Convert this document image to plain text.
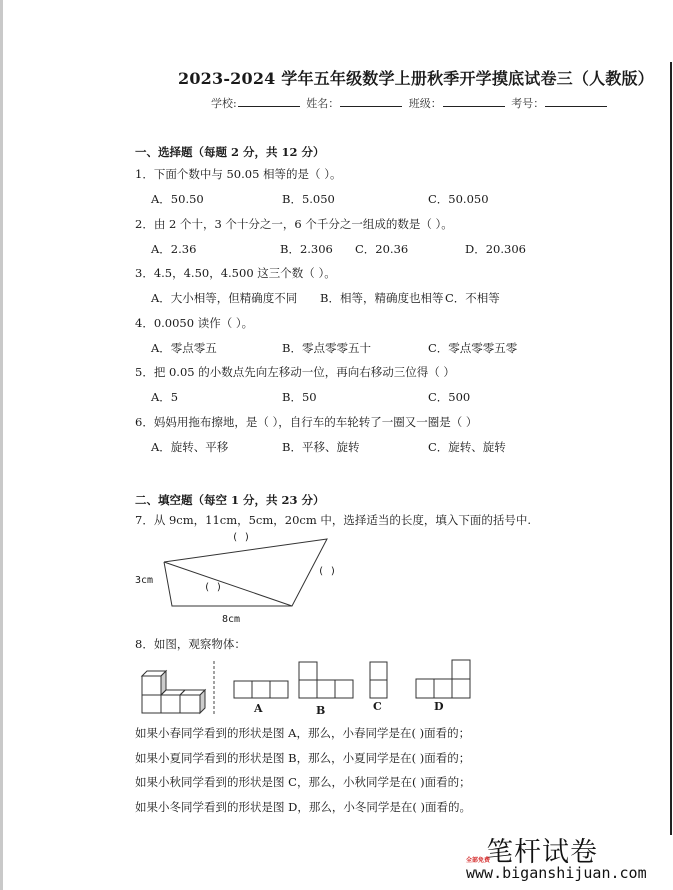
2023-2024 学年五年级数学上册秋季开学摸底试卷三（人教版）
学校:	姓名：	班级：	考号：
一、选择题（每题 2 分，共 12 分）
1．下面个数中与 50.05 相等的是（ ）。
A．50.50	B．5.050	C．50.050
2．由 2 个十，3 个十分之一，6 个千分之一组成的数是（ ）。
A．2.36	B．2.306 C．20.36	D．20.306
3．4.5，4.50，4.500 这三个数（ ）。
A．大小相等，但精确度不同 B．相等，精确度也相等 C．不相等
4．0.0050 读作（ ）。
A．零点零五	B．零点零零五十	C．零点零零五零
5．把 0.05 的小数点先向左移动一位，再向右移动三位得（ ）
A．5	B．50	C．500
6．妈妈用拖布擦地，是（ ），自行车的车轮转了一圈又一圈是（ ）
A．旋转、平移	B．平移、旋转	C．旋转、旋转
二、填空题（每空 1 分，共 23 分）
7．从 9cm，11cm，5cm，20cm 中，选择适当的长度，填入下面的括号中.
( )
( )
( )
3cm
8cm
8．如图，观察物体：
A	B	C	D
如果小春同学看到的形状是图 A，那么，小春同学是在( )面看的；
如果小夏同学看到的形状是图 B，那么，小夏同学是在( )面看的；
如果小秋同学看到的形状是图 C，那么，小秋同学是在( )面看的；
如果小冬同学看到的形状是图 D，那么，小冬同学是在( )面看的。
笔杆试卷
全部免费
www.biganshijuan.com
